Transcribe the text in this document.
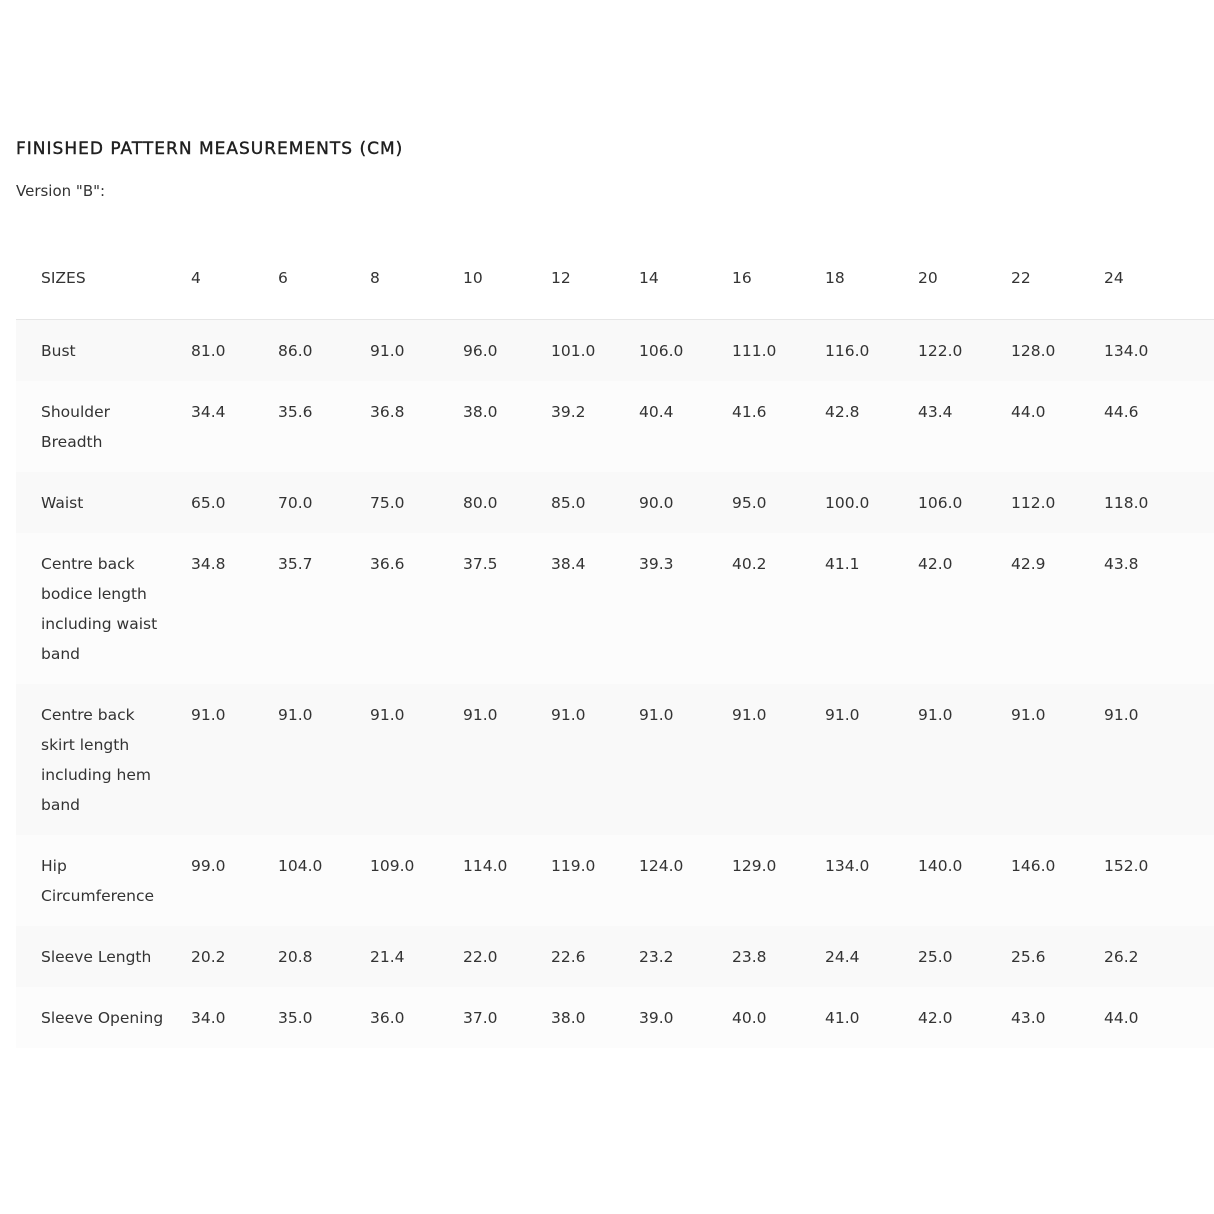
FINISHED PATTERN MEASUREMENTS (CM)

Version "B":

SIZES	4	6	8	10	12	14	16	18	20	22	24

Bust	81.0	86.0	91.0	96.0	101.0	106.0	111.0	116.0	122.0	128.0	134.0

Shoulder Breadth	34.4	35.6	36.8	38.0	39.2	40.4	41.6	42.8	43.4	44.0	44.6

Waist	65.0	70.0	75.0	80.0	85.0	90.0	95.0	100.0	106.0	112.0	118.0

Centre back bodice length including waist band	34.8	35.7	36.6	37.5	38.4	39.3	40.2	41.1	42.0	42.9	43.8

Centre back skirt length including hem band	91.0	91.0	91.0	91.0	91.0	91.0	91.0	91.0	91.0	91.0	91.0

Hip Circumference	99.0	104.0	109.0	114.0	119.0	124.0	129.0	134.0	140.0	146.0	152.0

Sleeve Length	20.2	20.8	21.4	22.0	22.6	23.2	23.8	24.4	25.0	25.6	26.2

Sleeve Opening	34.0	35.0	36.0	37.0	38.0	39.0	40.0	41.0	42.0	43.0	44.0
